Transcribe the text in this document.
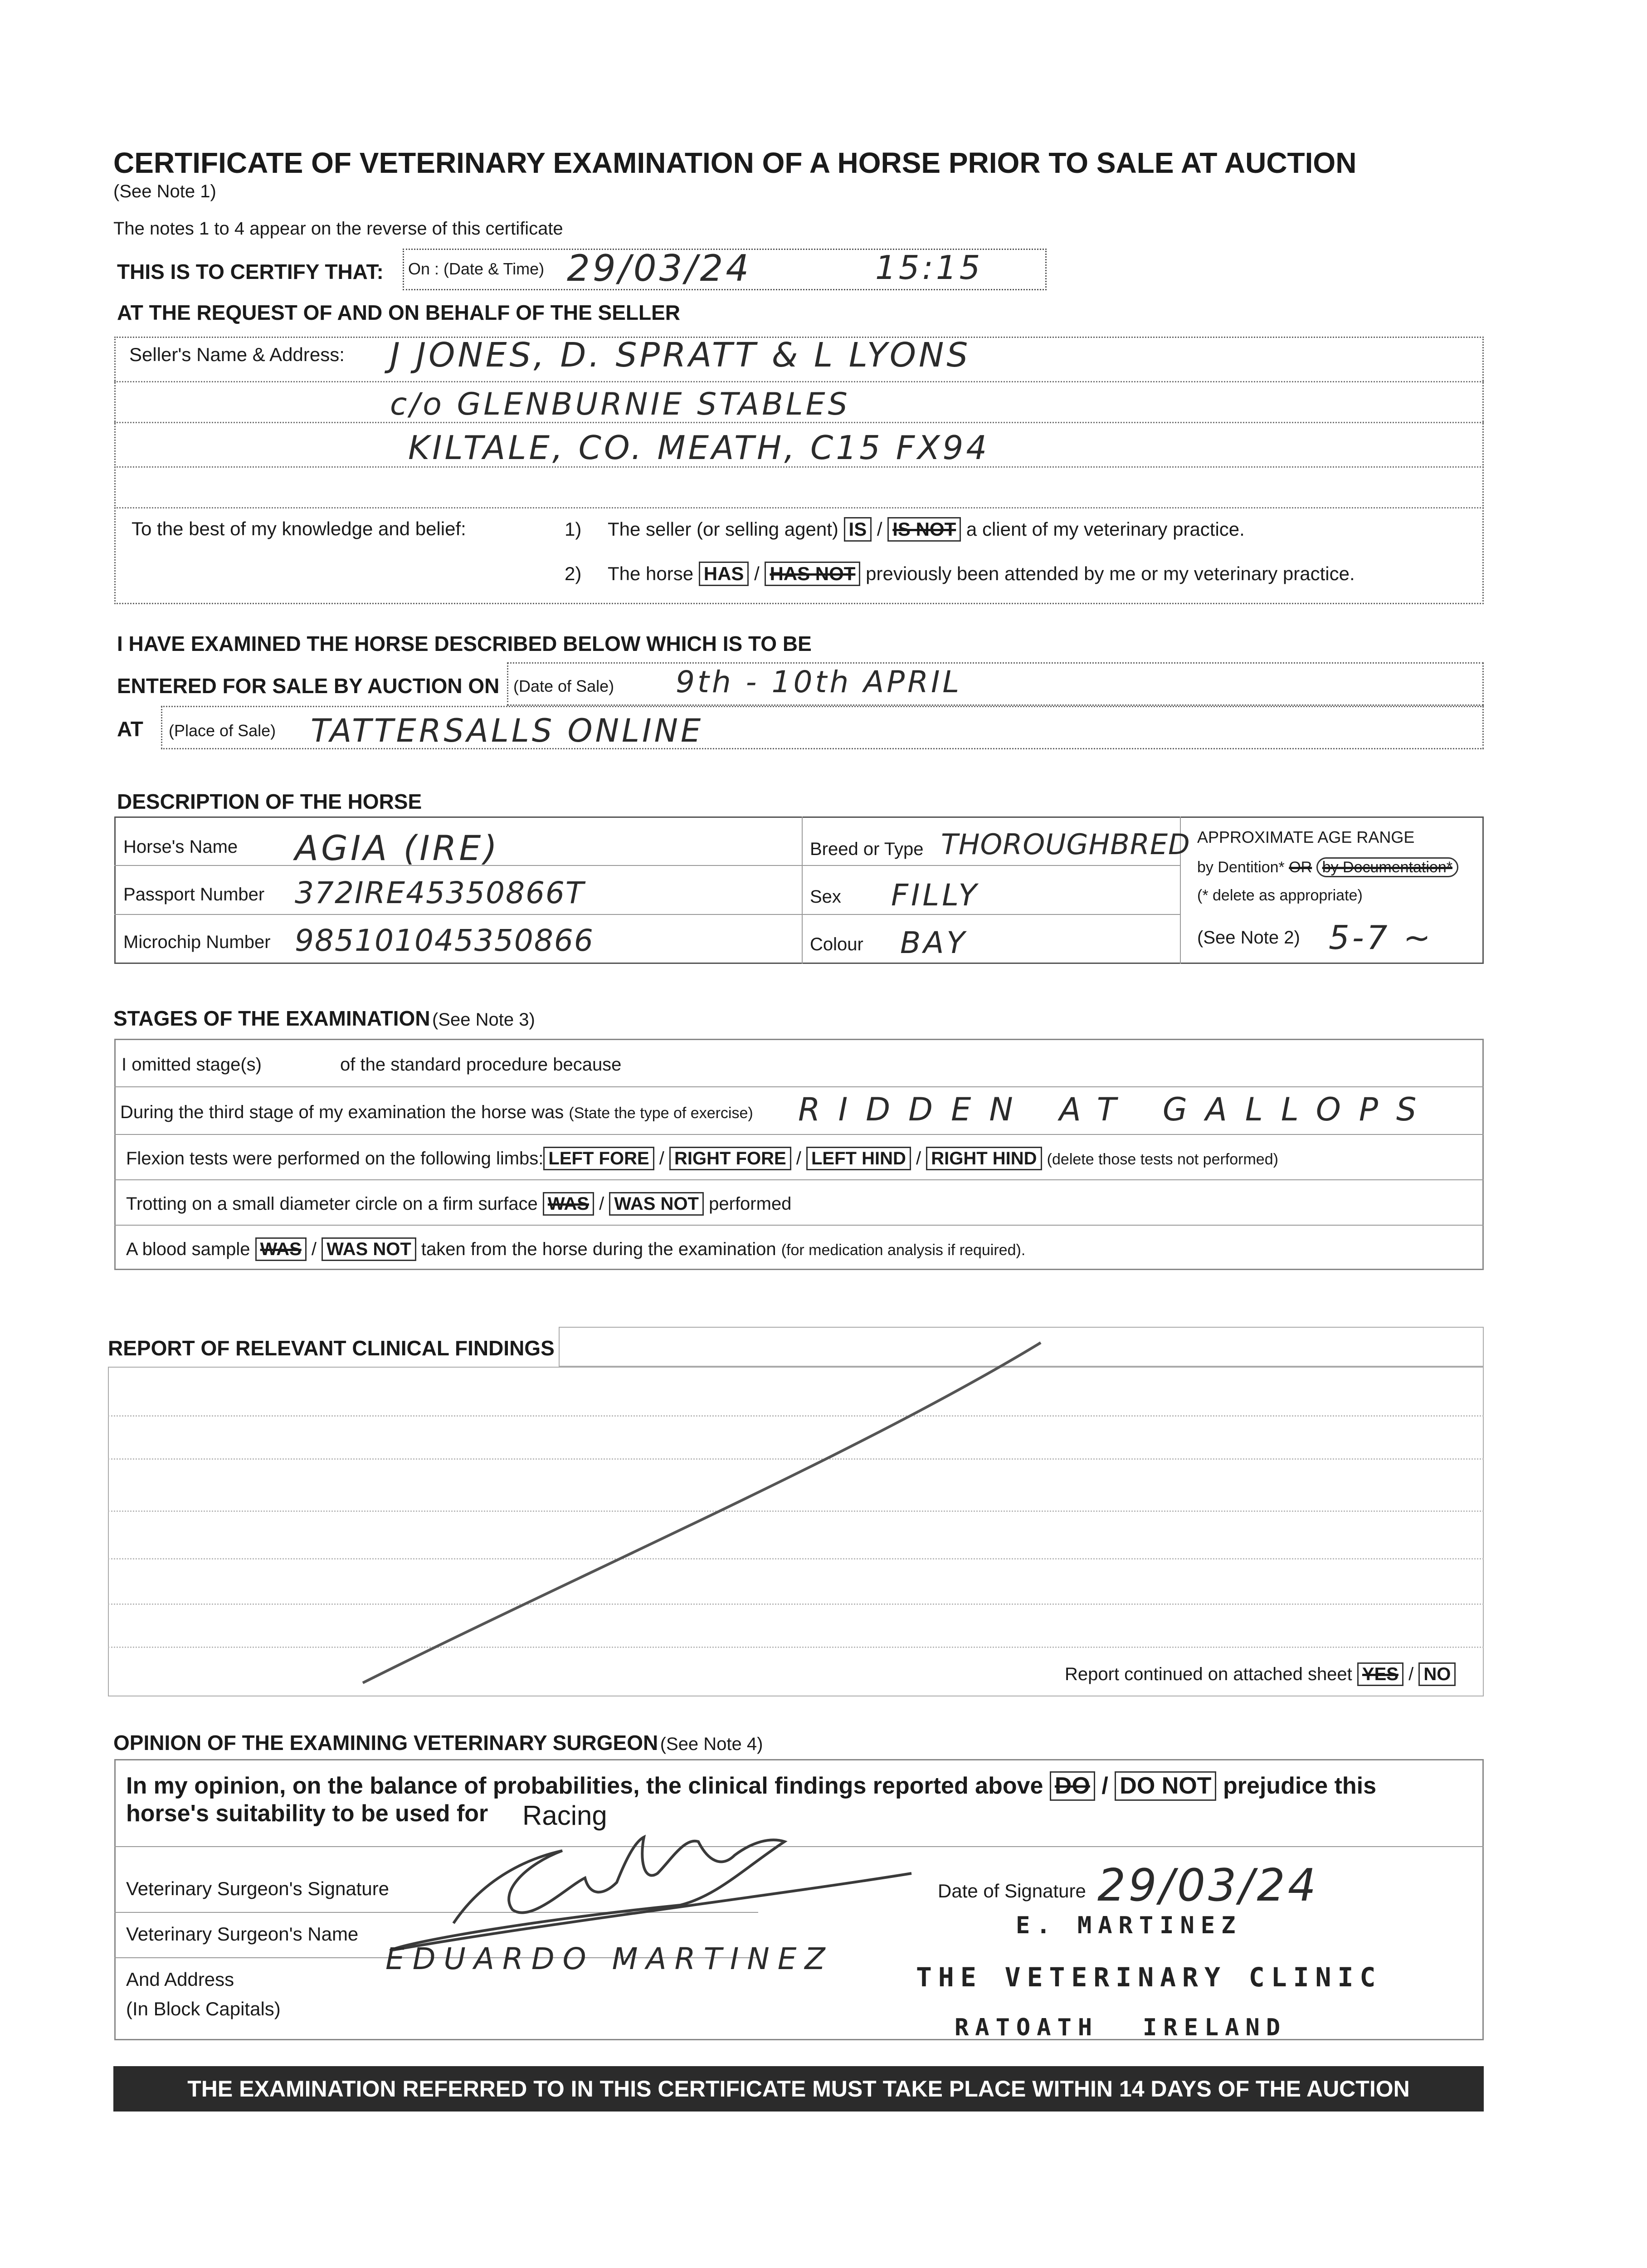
CERTIFICATE OF VETERINARY EXAMINATION OF A HORSE PRIOR TO SALE AT AUCTION
(See Note 1)
The notes 1 to 4 appear on the reverse of this certificate
THIS IS TO CERTIFY THAT: On : (Date & Time) 29/03/24	15:15
AT THE REQUEST OF AND ON BEHALF OF THE SELLER
Seller's Name & Address: J JONES, D. SPRATT & L LYONS
c/o GLENBURNIE STABLES
KILTALE, CO. MEATH, C15 FX94
To the best of my knowledge and belief:	1) The seller (or selling agent) IS / IS NOT a client of my veterinary practice.
2) The horse HAS / HAS NOT previously been attended by me or my veterinary practice.
I HAVE EXAMINED THE HORSE DESCRIBED BELOW WHICH IS TO BE
ENTERED FOR SALE BY AUCTION ON (Date of Sale) 9th - 10th APRIL
AT (Place of Sale) TATTERSALLS ONLINE
DESCRIPTION OF THE HORSE
Horse's Name AGIA (IRE)
Passport Number 372IRE45350866T
Microchip Number 985101045350866
Breed or Type THOROUGHBRED
Sex FILLY
Colour BAY
APPROXIMATE AGE RANGE
by Dentition* OR by Documentation*
(* delete as appropriate)
(See Note 2) 5-7 ~
STAGES OF THE EXAMINATION (See Note 3)
I omitted stage(s)	of the standard procedure because
During the third stage of my examination the horse was (State the type of exercise) RIDDEN AT GALLOPS
Flexion tests were performed on the following limbs: LEFT FORE / RIGHT FORE / LEFT HIND / RIGHT HIND (delete those tests not performed)
Trotting on a small diameter circle on a firm surface WAS / WAS NOT performed
A blood sample WAS / WAS NOT taken from the horse during the examination (for medication analysis if required).
REPORT OF RELEVANT CLINICAL FINDINGS
Report continued on attached sheet YES / NO
OPINION OF THE EXAMINING VETERINARY SURGEON (See Note 4)
In my opinion, on the balance of probabilities, the clinical findings reported above DO / DO NOT prejudice this
horse's suitability to be used for Racing
Veterinary Surgeon's Signature	Date of Signature 29/03/24
Veterinary Surgeon's Name	E. MARTINEZ
EDUARDO MARTINEZ
And Address
(In Block Capitals)
THE VETERINARY CLINIC
RATOATH IRELAND
THE EXAMINATION REFERRED TO IN THIS CERTIFICATE MUST TAKE PLACE WITHIN 14 DAYS OF THE AUCTION
